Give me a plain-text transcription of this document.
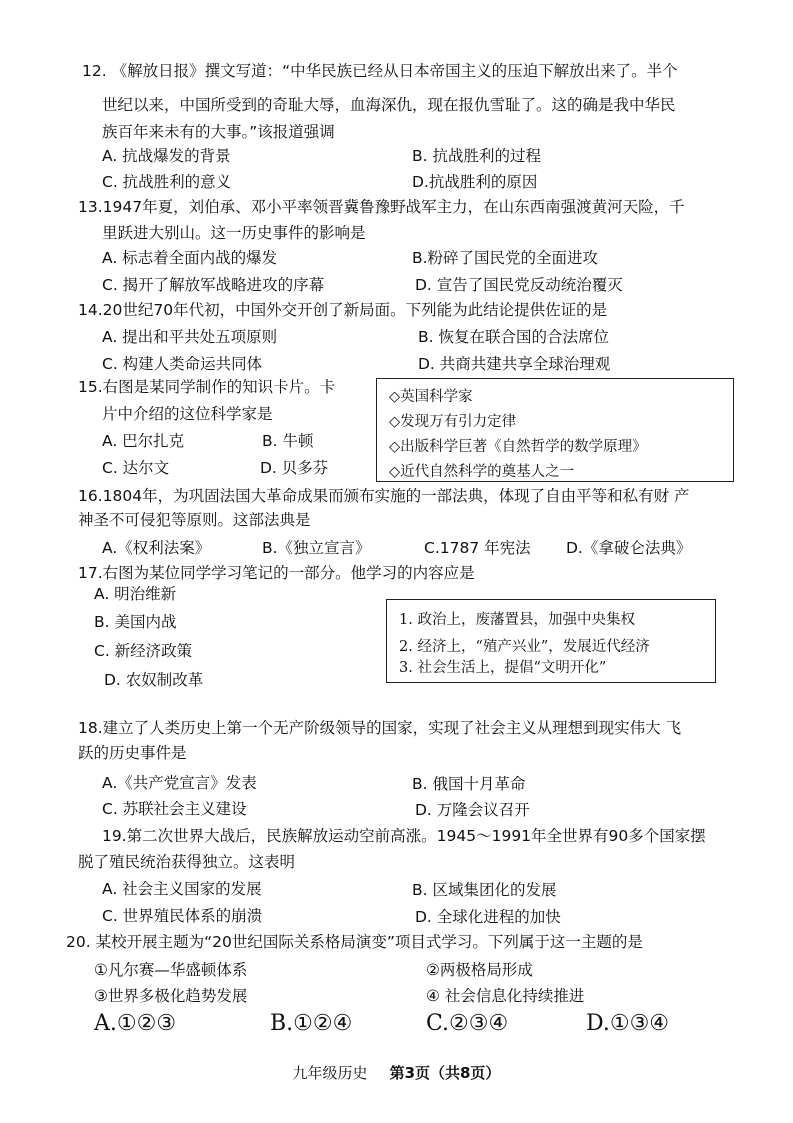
12. 《解放日报》撰文写道：“中华民族已经从日本帝国主义的压迫下解放出来了。半个
世纪以来，中国所受到的奇耻大辱，血海深仇，现在报仇雪耻了。这的确是我中华民
族百年来未有的大事。”该报道强调
A. 抗战爆发的背景	B. 抗战胜利的过程
C. 抗战胜利的意义	D.抗战胜利的原因
13.1947年夏，刘伯承、邓小平率领晋冀鲁豫野战军主力，在山东西南强渡黄河天险，千
里跃进大别山。这一历史事件的影响是
A. 标志着全面内战的爆发	B.粉碎了国民党的全面进攻
C. 揭开了解放军战略进攻的序幕	D. 宣告了国民党反动统治覆灭
14.20世纪70年代初，中国外交开创了新局面。下列能为此结论提供佐证的是
A. 提出和平共处五项原则	B. 恢复在联合国的合法席位
C. 构建人类命运共同体	D. 共商共建共享全球治理观
15.右图是某同学制作的知识卡片。卡
片中介绍的这位科学家是
A. 巴尔扎克	B. 牛顿
C. 达尔文	D. 贝多芬
◇英国科学家
◇发现万有引力定律
◇出版科学巨著《自然哲学的数学原理》
◇近代自然科学的奠基人之一
16.1804年，为巩固法国大革命成果而颁布实施的一部法典，体现了自由平等和私有财 产
神圣不可侵犯等原则。这部法典是
A.《权利法案》	B.《独立宣言》	C.1787 年宪法 D.《拿破仑法典》
17.右图为某位同学学习笔记的一部分。他学习的内容应是
A. 明治维新
B. 美国内战
C. 新经济政策
D. 农奴制改革
1. 政治上，废藩置县，加强中央集权
2. 经济上，“殖产兴业”，发展近代经济
3. 社会生活上，提倡“文明开化”
18.建立了人类历史上第一个无产阶级领导的国家，实现了社会主义从理想到现实伟大 飞
跃的历史事件是
A.《共产党宣言》发表	B. 俄国十月革命
C. 苏联社会主义建设	D. 万隆会议召开
19.第二次世界大战后，民族解放运动空前高涨。1945～1991年全世界有90多个国家摆
脱了殖民统治获得独立。这表明
A. 社会主义国家的发展	B. 区域集团化的发展
C. 世界殖民体系的崩溃	D. 全球化进程的加快
20. 某校开展主题为“20世纪国际关系格局演变”项目式学习。下列属于这一主题的是
①凡尔赛—华盛顿体系	②两极格局形成
③世界多极化趋势发展	④ 社会信息化持续推进
A.①②③	B.①②④	C.②③④	D.①③④
九年级历史 第3页（共8页）
